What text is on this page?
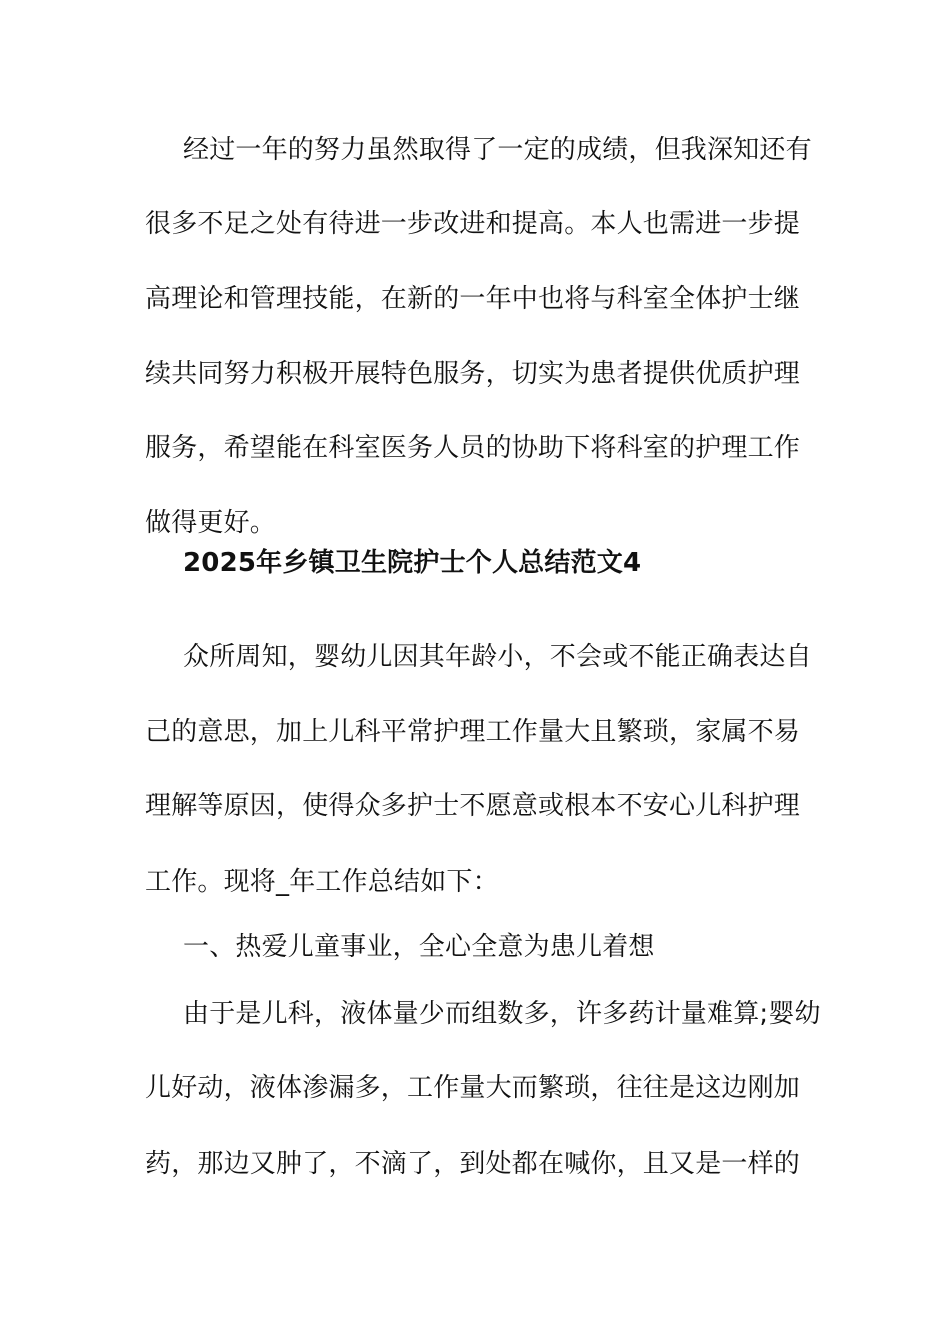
经过一年的努力虽然取得了一定的成绩，但我深知还有
很多不足之处有待进一步改进和提高。本人也需进一步提
高理论和管理技能，在新的一年中也将与科室全体护士继
续共同努力积极开展特色服务，切实为患者提供优质护理
服务，希望能在科室医务人员的协助下将科室的护理工作
做得更好。
2025年乡镇卫生院护士个人总结范文4
众所周知，婴幼儿因其年龄小，不会或不能正确表达自
己的意思，加上儿科平常护理工作量大且繁琐，家属不易
理解等原因，使得众多护士不愿意或根本不安心儿科护理
工作。现将_年工作总结如下：
一、热爱儿童事业，全心全意为患儿着想
由于是儿科，液体量少而组数多，许多药计量难算;婴幼
儿好动，液体渗漏多，工作量大而繁琐，往往是这边刚加
药，那边又肿了，不滴了，到处都在喊你，且又是一样的
